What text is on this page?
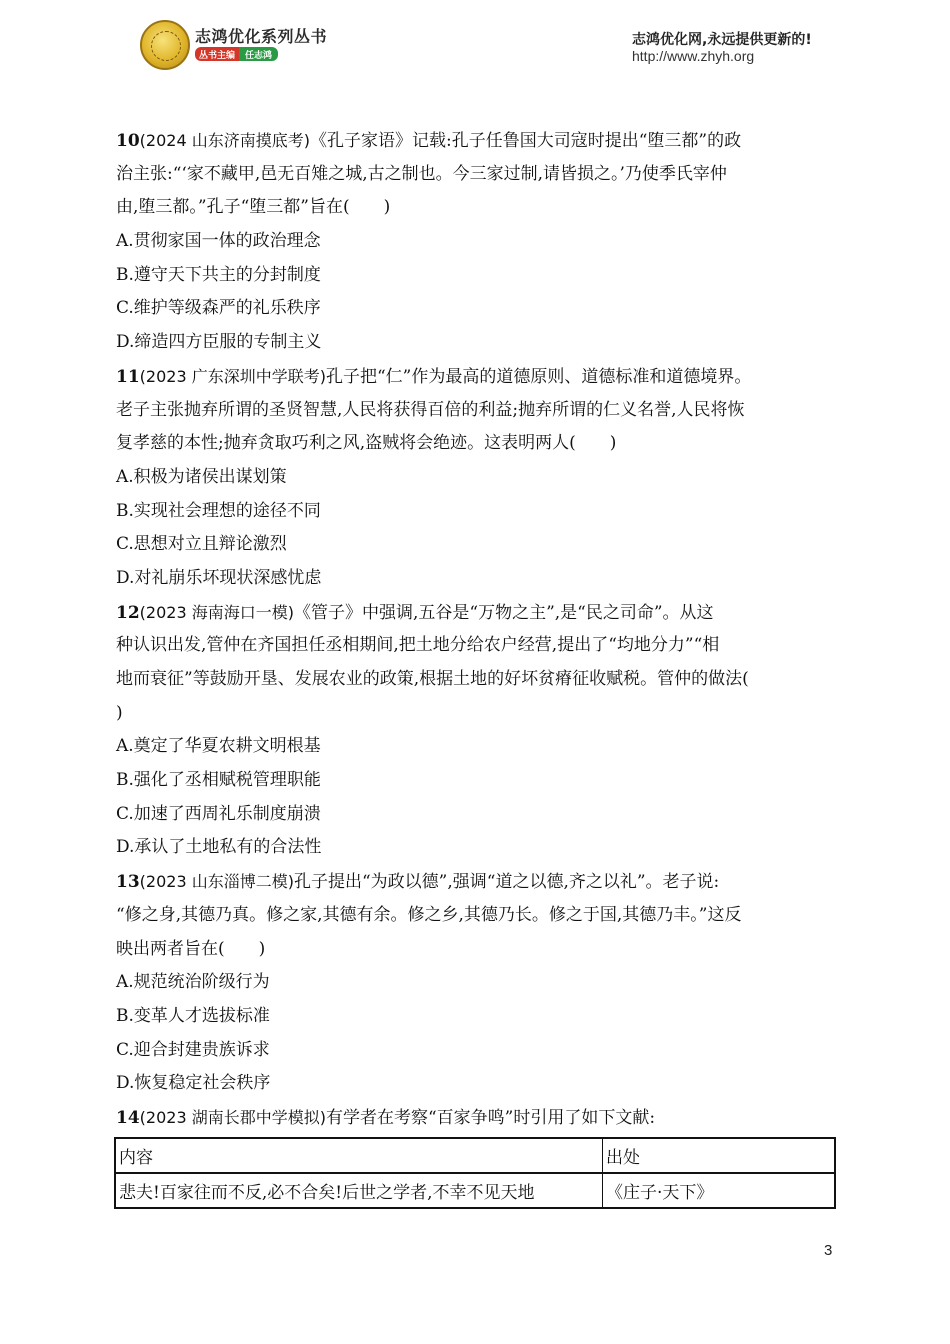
志鸿优化系列丛书
丛书主编	任志鸿
志鸿优化网,永远提供更新的!
http://www.zhyh.org
10(2024 山东济南摸底考)《孔子家语》记载:孔子任鲁国大司寇时提出“堕三都”的政
治主张:“‘家不藏甲,邑无百雉之城,古之制也。今三家过制,请皆损之。’乃使季氏宰仲
由,堕三都。”孔子“堕三都”旨在(　　)
A.贯彻家国一体的政治理念
B.遵守天下共主的分封制度
C.维护等级森严的礼乐秩序
D.缔造四方臣服的专制主义
11(2023 广东深圳中学联考)孔子把“仁”作为最高的道德原则、道德标准和道德境界。
老子主张抛弃所谓的圣贤智慧,人民将获得百倍的利益;抛弃所谓的仁义名誉,人民将恢
复孝慈的本性;抛弃贪取巧利之风,盗贼将会绝迹。这表明两人(　　)
A.积极为诸侯出谋划策
B.实现社会理想的途径不同
C.思想对立且辩论激烈
D.对礼崩乐坏现状深感忧虑
12(2023 海南海口一模)《管子》中强调,五谷是“万物之主”,是“民之司命”。从这
种认识出发,管仲在齐国担任丞相期间,把土地分给农户经营,提出了“均地分力”“相
地而衰征”等鼓励开垦、发展农业的政策,根据土地的好坏贫瘠征收赋税。管仲的做法(
)
A.奠定了华夏农耕文明根基
B.强化了丞相赋税管理职能
C.加速了西周礼乐制度崩溃
D.承认了土地私有的合法性
13(2023 山东淄博二模)孔子提出“为政以德”,强调“道之以德,齐之以礼”。老子说:
“修之身,其德乃真。修之家,其德有余。修之乡,其德乃长。修之于国,其德乃丰。”这反
映出两者旨在(　　)
A.规范统治阶级行为
B.变革人才选拔标准
C.迎合封建贵族诉求
D.恢复稳定社会秩序
14(2023 湖南长郡中学模拟)有学者在考察“百家争鸣”时引用了如下文献:
内容	出处
悲夫!百家往而不反,必不合矣!后世之学者,不幸不见天地	《庄子·天下》
3
